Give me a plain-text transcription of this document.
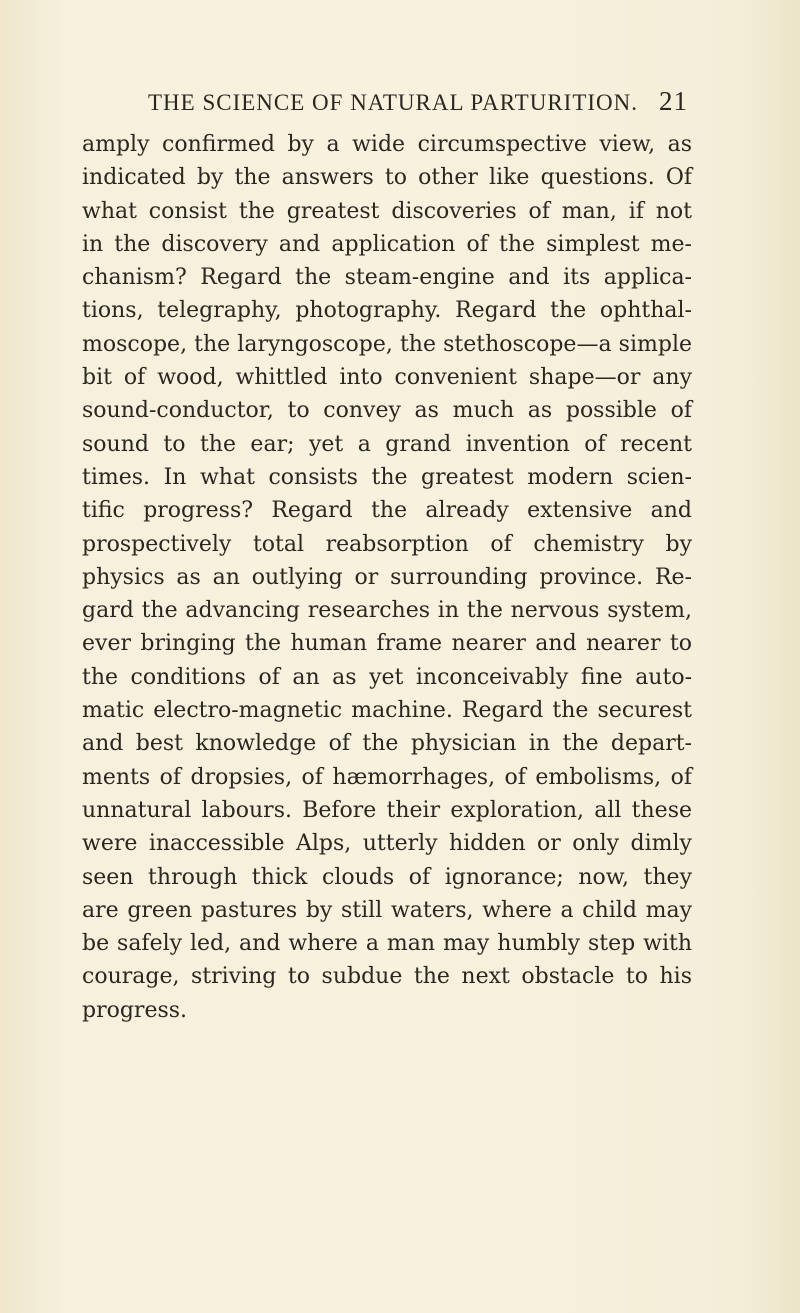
THE SCIENCE OF NATURAL PARTURITION. 21
amply confirmed by a wide circumspective view, as
indicated by the answers to other like questions. Of
what consist the greatest discoveries of man, if not
in the discovery and application of the simplest me-
chanism? Regard the steam-engine and its applica-
tions, telegraphy, photography. Regard the ophthal-
moscope, the laryngoscope, the stethoscope—a simple
bit of wood, whittled into convenient shape—or any
sound-conductor, to convey as much as possible of
sound to the ear; yet a grand invention of recent
times. In what consists the greatest modern scien-
tific progress? Regard the already extensive and
prospectively total reabsorption of chemistry by
physics as an outlying or surrounding province. Re-
gard the advancing researches in the nervous system,
ever bringing the human frame nearer and nearer to
the conditions of an as yet inconceivably fine auto-
matic electro-magnetic machine. Regard the securest
and best knowledge of the physician in the depart-
ments of dropsies, of hæmorrhages, of embolisms, of
unnatural labours. Before their exploration, all these
were inaccessible Alps, utterly hidden or only dimly
seen through thick clouds of ignorance; now, they
are green pastures by still waters, where a child may
be safely led, and where a man may humbly step with
courage, striving to subdue the next obstacle to his
progress.
